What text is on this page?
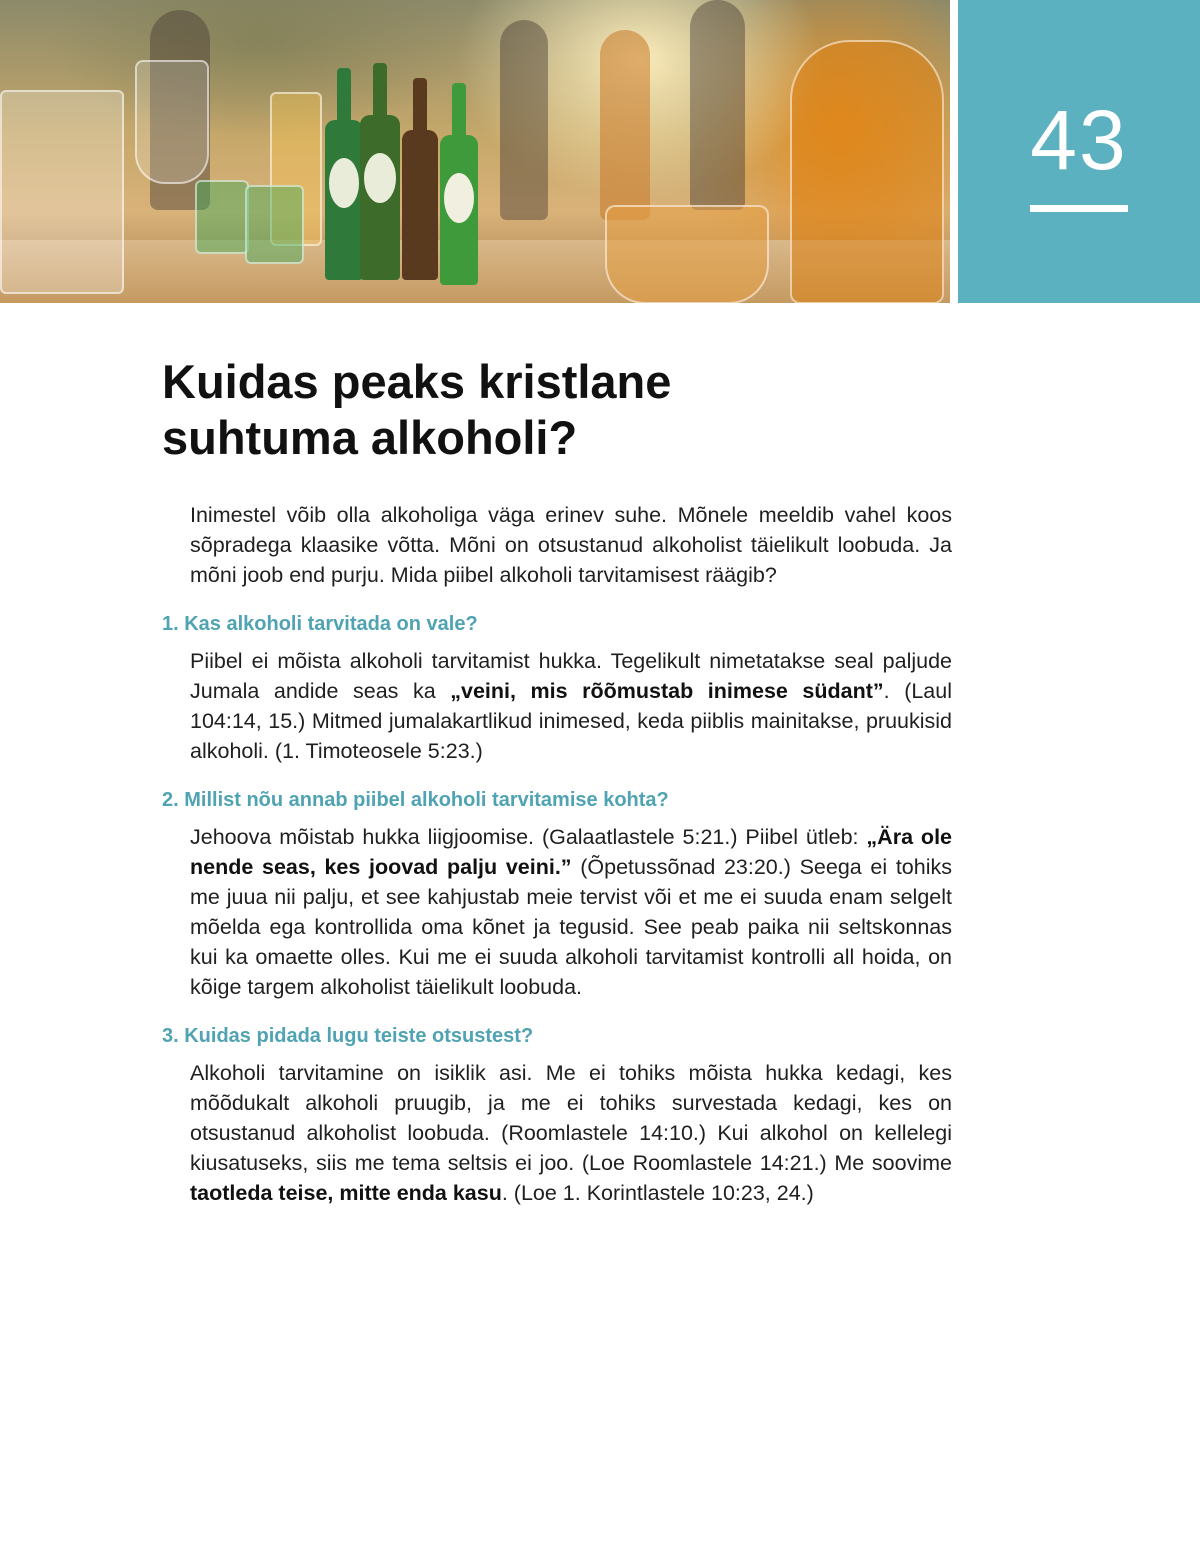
43
Kuidas peaks kristlane
suhtuma alkoholi?

Inimestel võib olla alkoholiga väga erinev suhe. Mõnele meeldib vahel koos sõpradega klaasike võtta. Mõni on otsustanud alkoholist täielikult loobuda. Ja mõni joob end purju. Mida piibel alkoholi tarvitamisest räägib?

1. Kas alkoholi tarvitada on vale?

Piibel ei mõista alkoholi tarvitamist hukka. Tegelikult nimetatakse seal paljude Jumala andide seas ka „veini, mis rõõmustab inimese südant”. (Laul 104:14, 15.) Mitmed jumalakartlikud inimesed, keda piiblis mainitakse, pruukisid alkoholi. (1. Timoteosele 5:23.)

2. Millist nõu annab piibel alkoholi tarvitamise kohta?

Jehoova mõistab hukka liigjoomise. (Galaatlastele 5:21.) Piibel ütleb: „Ära ole nende seas, kes joovad palju veini.” (Õpetussõnad 23:20.) Seega ei tohiks me juua nii palju, et see kahjustab meie tervist või et me ei suuda enam selgelt mõelda ega kontrollida oma kõnet ja tegusid. See peab paika nii seltskonnas kui ka omaette olles. Kui me ei suuda alkoholi tarvitamist kontrolli all hoida, on kõige targem alkoholist täielikult loobuda.

3. Kuidas pidada lugu teiste otsustest?

Alkoholi tarvitamine on isiklik asi. Me ei tohiks mõista hukka kedagi, kes mõõdukalt alkoholi pruugib, ja me ei tohiks survestada kedagi, kes on otsustanud alkoholist loobuda. (Roomlastele 14:10.) Kui alkohol on kellelegi kiusatuseks, siis me tema seltsis ei joo. (Loe Roomlastele 14:21.) Me soovime taotleda teise, mitte enda kasu. (Loe 1. Korintlastele 10:23, 24.)
